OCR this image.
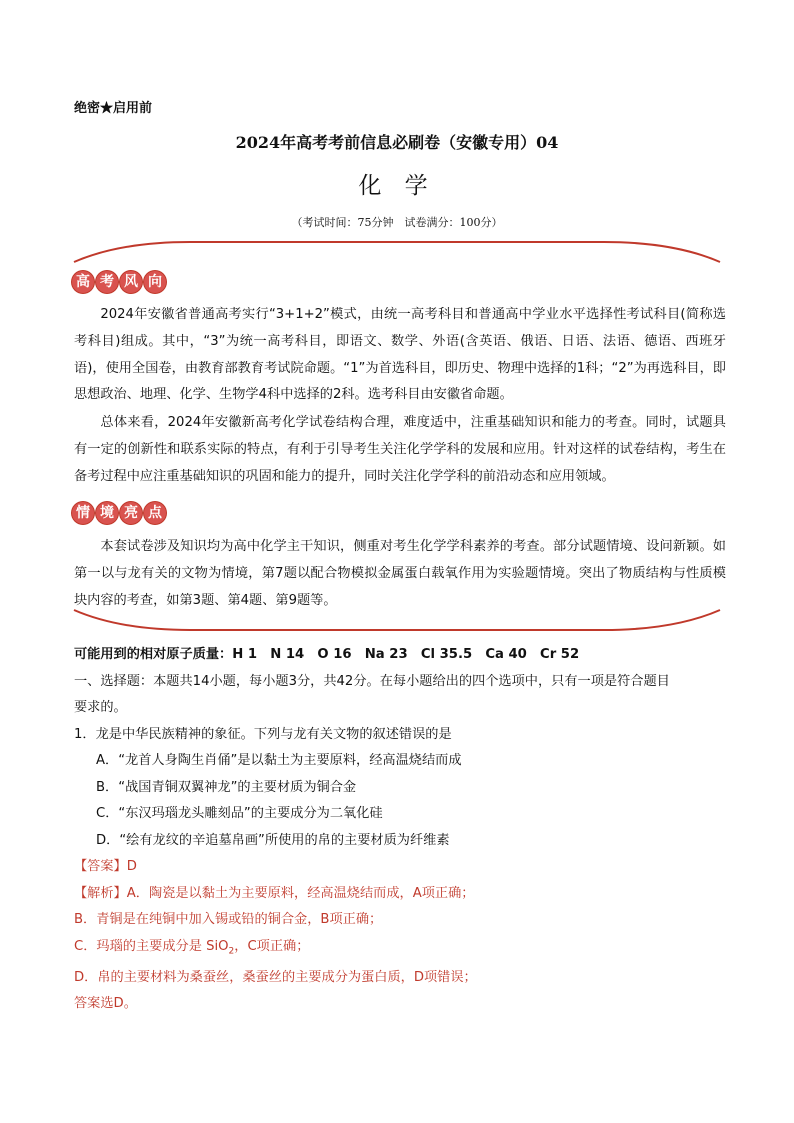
绝密★启用前
2024年高考考前信息必刷卷（安徽专用）04
化 学
（考试时间：75分钟　试卷满分：100分）
高 考 风 向

2024年安徽省普通高考实行“3+1+2”模式，由统一高考科目和普通高中学业水平选择性考试科目(简称选考科目)组成。其中，“3”为统一高考科目，即语文、数学、外语(含英语、俄语、日语、法语、德语、西班牙语)，使用全国卷，由教育部教育考试院命题。“1”为首选科目，即历史、物理中选择的1科；“2”为再选科目，即思想政治、地理、化学、生物学4科中选择的2科。选考科目由安徽省命题。

总体来看，2024年安徽新高考化学试卷结构合理，难度适中，注重基础知识和能力的考查。同时，试题具有一定的创新性和联系实际的特点，有利于引导考生关注化学学科的发展和应用。针对这样的试卷结构，考生在备考过程中应注重基础知识的巩固和能力的提升，同时关注化学学科的前沿动态和应用领域。

情 境 亮 点

本套试卷涉及知识均为高中化学主干知识，侧重对考生化学学科素养的考查。部分试题情境、设问新颖。如第一以与龙有关的文物为情境，第7题以配合物模拟金属蛋白载氧作用为实验题情境。突出了物质结构与性质模块内容的考查，如第3题、第4题、第9题等。

可能用到的相对原子质量：H 1　N 14　O 16　Na 23　Cl 35.5　Ca 40　Cr 52
一、选择题：本题共14小题，每小题3分，共42分。在每小题给出的四个选项中，只有一项是符合题目
要求的。
1．龙是中华民族精神的象征。下列与龙有关文物的叙述错误的是
A．“龙首人身陶生肖俑”是以黏土为主要原料，经高温烧结而成
B．“战国青铜双翼神龙”的主要材质为铜合金
C．“东汉玛瑙龙头雕刻品”的主要成分为二氧化硅
D．“绘有龙纹的辛追墓帛画”所使用的帛的主要材质为纤维素
【答案】D
【解析】A．陶瓷是以黏土为主要原料，经高温烧结而成，A项正确；
B．青铜是在纯铜中加入锡或铅的铜合金，B项正确；
C．玛瑙的主要成分是 SiO$_2$，C项正确；
D．帛的主要材料为桑蚕丝，桑蚕丝的主要成分为蛋白质，D项错误；
答案选D。
